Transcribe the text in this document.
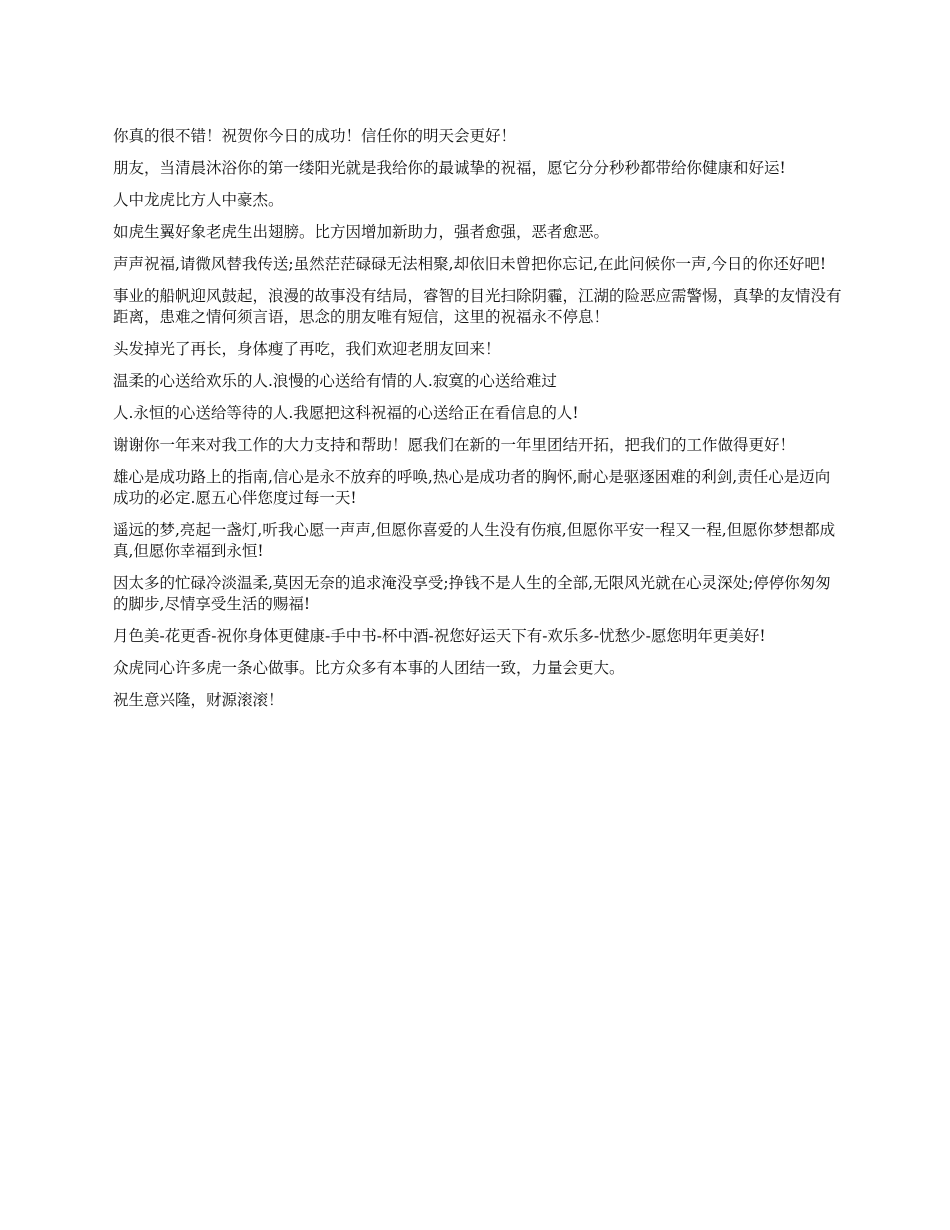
你真的很不错！祝贺你今日的成功！信任你的明天会更好！

朋友，当清晨沐浴你的第一缕阳光就是我给你的最诚挚的祝福，愿它分分秒秒都带给你健康和好运!

人中龙虎比方人中豪杰。

如虎生翼好象老虎生出翅膀。比方因增加新助力，强者愈强，恶者愈恶。

声声祝福,请微风替我传送;虽然茫茫碌碌无法相聚,却依旧未曾把你忘记,在此问候你一声,今日的你还好吧!

事业的船帆迎风鼓起，浪漫的故事没有结局，睿智的目光扫除阴霾，江湖的险恶应需警惕，真挚的友情没有距离，患难之情何须言语，思念的朋友唯有短信，这里的祝福永不停息！

头发掉光了再长，身体瘦了再吃，我们欢迎老朋友回来！

温柔的心送给欢乐的人.浪慢的心送给有情的人.寂寞的心送给难过

人.永恒的心送给等待的人.我愿把这科祝福的心送给正在看信息的人!

谢谢你一年来对我工作的大力支持和帮助！愿我们在新的一年里团结开拓，把我们的工作做得更好！

雄心是成功路上的指南,信心是永不放弃的呼唤,热心是成功者的胸怀,耐心是驱逐困难的利剑,责任心是迈向成功的必定.愿五心伴您度过每一天!

遥远的梦,亮起一盏灯,听我心愿一声声,但愿你喜爱的人生没有伤痕,但愿你平安一程又一程,但愿你梦想都成真,但愿你幸福到永恒!

因太多的忙碌冷淡温柔,莫因无奈的追求淹没享受;挣钱不是人生的全部,无限风光就在心灵深处;停停你匆匆的脚步,尽情享受生活的赐福!

月色美-花更香-祝你身体更健康-手中书-杯中酒-祝您好运天下有-欢乐多-忧愁少-愿您明年更美好!

众虎同心许多虎一条心做事。比方众多有本事的人团结一致，力量会更大。

祝生意兴隆，财源滚滚！
